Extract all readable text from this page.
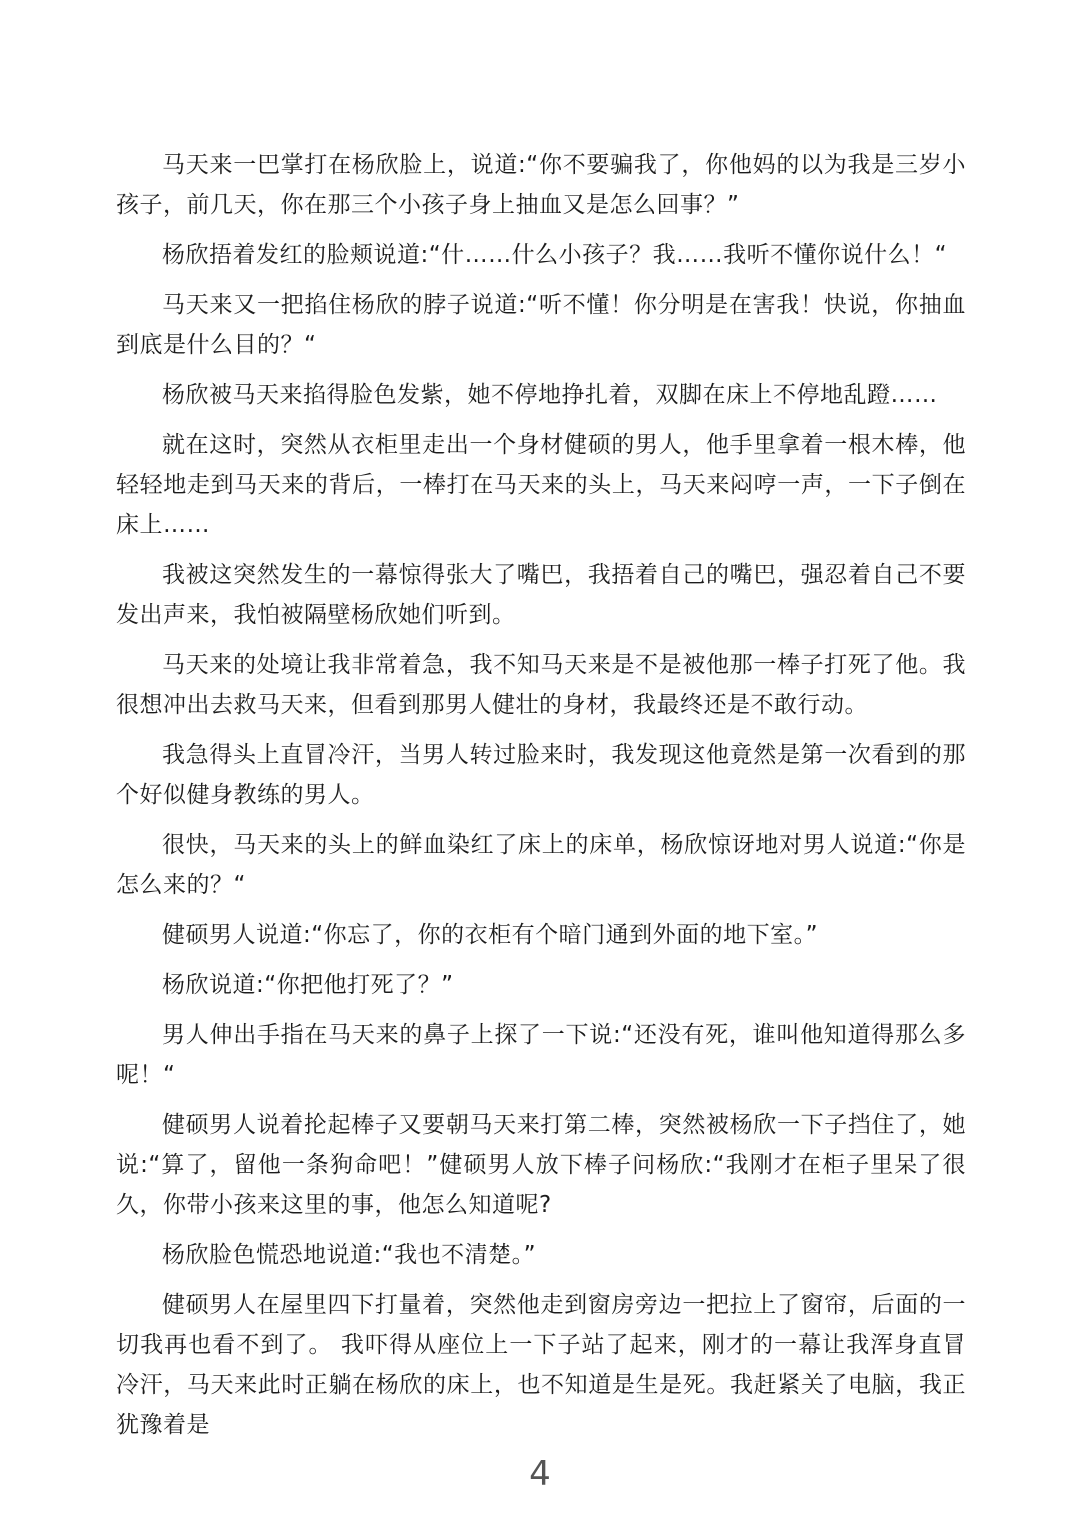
马天来一巴掌打在杨欣脸上，说道:“你不要骗我了，你他妈的以为我是三岁小孩子，前几天，你在那三个小孩子身上抽血又是怎么回事？”

杨欣捂着发红的脸颊说道:“什……什么小孩子？我……我听不懂你说什么！“

马天来又一把掐住杨欣的脖子说道:“听不懂！你分明是在害我！快说，你抽血到底是什么目的？“

杨欣被马天来掐得脸色发紫，她不停地挣扎着，双脚在床上不停地乱蹬……

就在这时，突然从衣柜里走出一个身材健硕的男人，他手里拿着一根木棒，他轻轻地走到马天来的背后，一棒打在马天来的头上，马天来闷哼一声，一下子倒在床上……

我被这突然发生的一幕惊得张大了嘴巴，我捂着自己的嘴巴，强忍着自己不要发出声来，我怕被隔壁杨欣她们听到。

马天来的处境让我非常着急，我不知马天来是不是被他那一棒子打死了他。我很想冲出去救马天来，但看到那男人健壮的身材，我最终还是不敢行动。

我急得头上直冒冷汗，当男人转过脸来时，我发现这他竟然是第一次看到的那个好似健身教练的男人。

很快，马天来的头上的鲜血染红了床上的床单，杨欣惊讶地对男人说道:“你是怎么来的？“

健硕男人说道:“你忘了，你的衣柜有个暗门通到外面的地下室。”

杨欣说道:“你把他打死了？”

男人伸出手指在马天来的鼻子上探了一下说:“还没有死，谁叫他知道得那么多呢！“

健硕男人说着抡起棒子又要朝马天来打第二棒，突然被杨欣一下子挡住了，她说:“算了，留他一条狗命吧！”健硕男人放下棒子问杨欣:“我刚才在柜子里呆了很久，你带小孩来这里的事，他怎么知道呢?

杨欣脸色慌恐地说道:“我也不清楚。”

健硕男人在屋里四下打量着，突然他走到窗房旁边一把拉上了窗帘，后面的一切我再也看不到了。 我吓得从座位上一下子站了起来，刚才的一幕让我浑身直冒冷汗，马天来此时正躺在杨欣的床上，也不知道是生是死。我赶紧关了电脑，我正犹豫着是

4
